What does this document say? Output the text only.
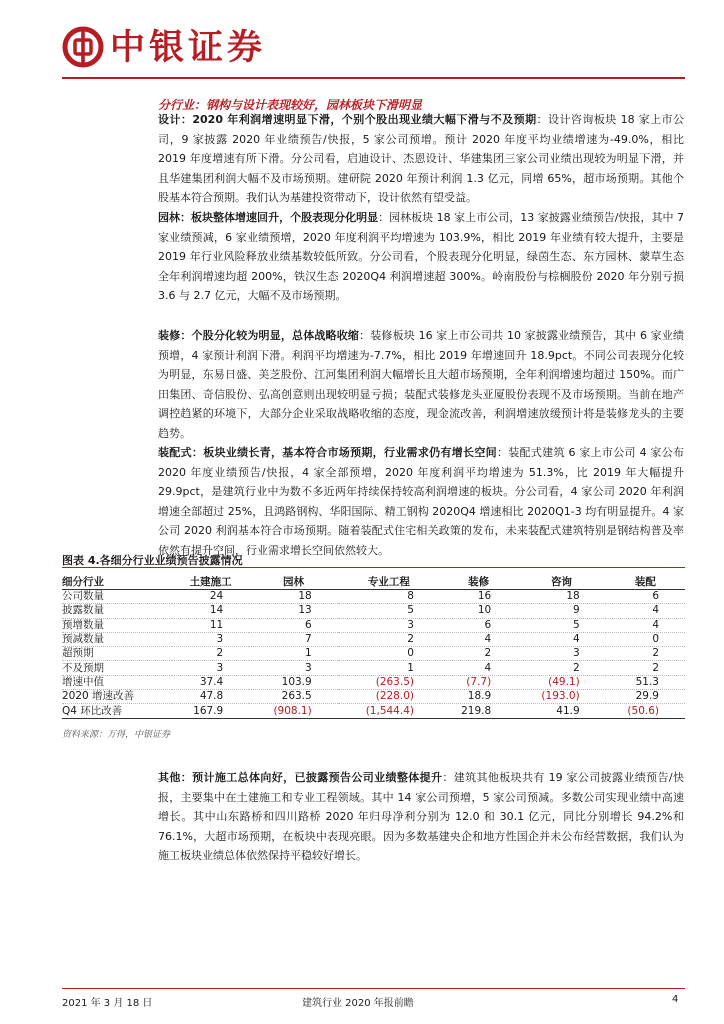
中银证券
分行业：钢构与设计表现较好，园林板块下滑明显
设计：2020 年利润增速明显下滑，个别个股出现业绩大幅下滑与不及预期：设计咨询板块 18 家上市公司，9 家披露 2020 年业绩预告/快报，5 家公司预增。预计 2020 年度平均业绩增速为-49.0%，相比 2019 年度增速有所下滑。分公司看，启迪设计、杰恩设计、华建集团三家公司业绩出现较为明显下滑，并且华建集团利润大幅不及市场预期。建研院 2020 年预计利润 1.3 亿元，同增 65%，超市场预期。其他个股基本符合预期。我们认为基建投资带动下，设计依然有望受益。
园林：板块整体增速回升，个股表现分化明显：园林板块 18 家上市公司，13 家披露业绩预告/快报，其中 7 家业绩预减，6 家业绩预增，2020 年度利润平均增速为 103.9%，相比 2019 年业绩有较大提升，主要是 2019 年行业风险释放业绩基数较低所致。分公司看，个股表现分化明显，绿茵生态、东方园林、蒙草生态全年利润增速均超 200%，铁汉生态 2020Q4 利润增速超 300%。岭南股份与棕榈股份 2020 年分别亏损 3.6 与 2.7 亿元，大幅不及市场预期。
装修：个股分化较为明显，总体战略收缩：装修板块 16 家上市公司共 10 家披露业绩预告，其中 6 家业绩预增，4 家预计利润下滑。利润平均增速为-7.7%，相比 2019 年增速回升 18.9pct。不同公司表现分化较为明显，东易日盛、美芝股份、江河集团利润大幅增长且大超市场预期，全年利润增速均超过 150%。而广田集团、奇信股份、弘高创意则出现较明显亏损；装配式装修龙头亚厦股份表现不及市场预期。当前在地产调控趋紧的环境下，大部分企业采取战略收缩的态度，现金流改善，利润增速放缓预计将是装修龙头的主要趋势。
装配式：板块业绩长青，基本符合市场预期，行业需求仍有增长空间：装配式建筑 6 家上市公司 4 家公布 2020 年度业绩预告/快报，4 家全部预增，2020 年度利润平均增速为 51.3%，比 2019 年大幅提升 29.9pct，是建筑行业中为数不多近两年持续保持较高利润增速的板块。分公司看，4 家公司 2020 年利润增速全部超过 25%，且鸿路钢构、华阳国际、精工钢构 2020Q4 增速相比 2020Q1-3 均有明显提升。4 家公司 2020 利润基本符合市场预期。随着装配式住宅相关政策的发布，未来装配式建筑特别是钢结构普及率依然有提升空间，行业需求增长空间依然较大。
图表 4.各细分行业业绩预告披露情况
细分行业	土建施工	园林	专业工程	装修	咨询	装配
公司数量	24	18	8	16	18	6
披露数量	14	13	5	10	9	4
预增数量	11	6	3	6	5	4
预减数量	3	7	2	4	4	0
超预期	2	1	0	2	3	2
不及预期	3	3	1	4	2	2
增速中值	37.4	103.9	(263.5)	(7.7)	(49.1)	51.3
2020 增速改善	47.8	263.5	(228.0)	18.9	(193.0)	29.9
Q4 环比改善	167.9	(908.1)	(1,544.4)	219.8	41.9	(50.6)
资料来源：万得，中银证券
其他：预计施工总体向好，已披露预告公司业绩整体提升：建筑其他板块共有 19 家公司披露业绩预告/快报，主要集中在土建施工和专业工程领域。其中 14 家公司预增，5 家公司预减。多数公司实现业绩中高速增长。其中山东路桥和四川路桥 2020 年归母净利分别为 12.0 和 30.1 亿元，同比分别增长 94.2%和 76.1%，大超市场预期，在板块中表现亮眼。因为多数基建央企和地方性国企并未公布经营数据，我们认为施工板块业绩总体依然保持平稳较好增长。
2021 年 3 月 18 日	建筑行业 2020 年报前瞻	4
